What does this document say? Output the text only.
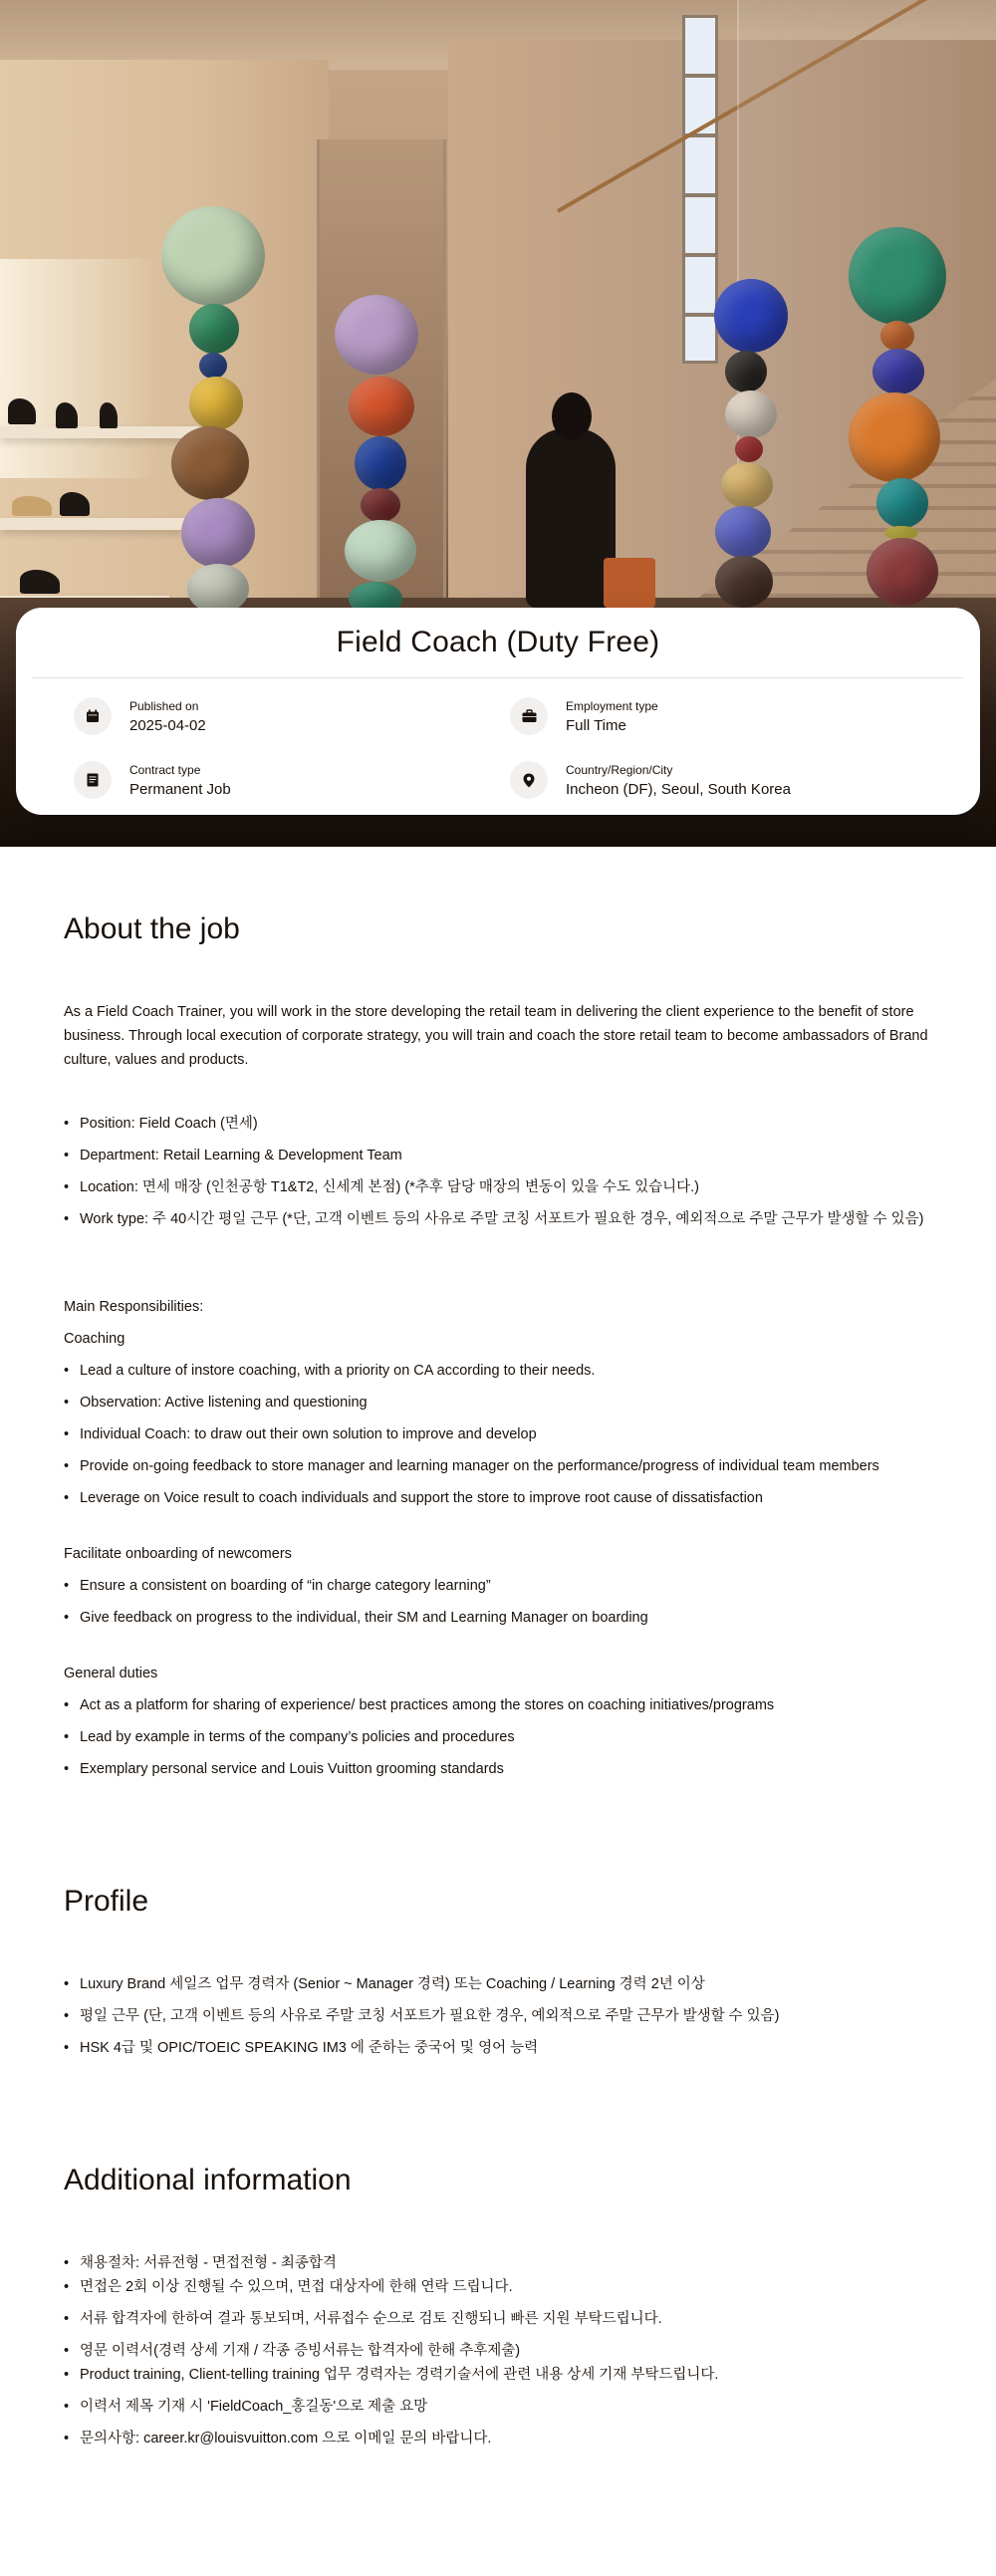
Field Coach (Duty Free)
Published on
2025-04-02
Employment type
Full Time
Contract type
Permanent Job
Country/Region/City
Incheon (DF), Seoul, South Korea
About the job

As a Field Coach Trainer, you will work in the store developing the retail team in delivering the client experience to the benefit of store business. Through local execution of corporate strategy, you will train and coach the store retail team to become ambassadors of Brand culture, values and products.

• Position: Field Coach (면세)
• Department: Retail Learning & Development Team
• Location: 면세 매장 (인천공항 T1&T2, 신세계 본점) (*추후 담당 매장의 변동이 있을 수도 있습니다.)
• Work type: 주 40시간 평일 근무 (*단, 고객 이벤트 등의 사유로 주말 코칭 서포트가 필요한 경우, 예외적으로 주말 근무가 발생할 수 있음)
Main Responsibilities:
Coaching
• Lead a culture of instore coaching, with a priority on CA according to their needs.
• Observation: Active listening and questioning
• Individual Coach: to draw out their own solution to improve and develop
• Provide on-going feedback to store manager and learning manager on the performance/progress of individual team members
• Leverage on Voice result to coach individuals and support the store to improve root cause of dissatisfaction
Facilitate onboarding of newcomers
• Ensure a consistent on boarding of “in charge category learning”
• Give feedback on progress to the individual, their SM and Learning Manager on boarding
General duties
• Act as a platform for sharing of experience/ best practices among the stores on coaching initiatives/programs
• Lead by example in terms of the company’s policies and procedures
• Exemplary personal service and Louis Vuitton grooming standards
Profile
• Luxury Brand 세일즈 업무 경력자 (Senior ~ Manager 경력) 또는 Coaching / Learning 경력 2년 이상
• 평일 근무 (단, 고객 이벤트 등의 사유로 주말 코칭 서포트가 필요한 경우, 예외적으로 주말 근무가 발생할 수 있음)
• HSK 4급 및 OPIC/TOEIC SPEAKING IM3 에 준하는 중국어 및 영어 능력
Additional information
• 채용절차: 서류전형 - 면접전형 - 최종합격
• 면접은 2회 이상 진행될 수 있으며, 면접 대상자에 한해 연락 드립니다.
• 서류 합격자에 한하여 결과 통보되며, 서류접수 순으로 검토 진행되니 빠른 지원 부탁드립니다.
• 영문 이력서(경력 상세 기재 / 각종 증빙서류는 합격자에 한해 추후제출)
• Product training, Client-telling training 업무 경력자는 경력기술서에 관련 내용 상세 기재 부탁드립니다.
• 이력서 제목 기재 시 'FieldCoach_홍길동'으로 제출 요망
• 문의사항: career.kr@louisvuitton.com 으로 이메일 문의 바랍니다.
